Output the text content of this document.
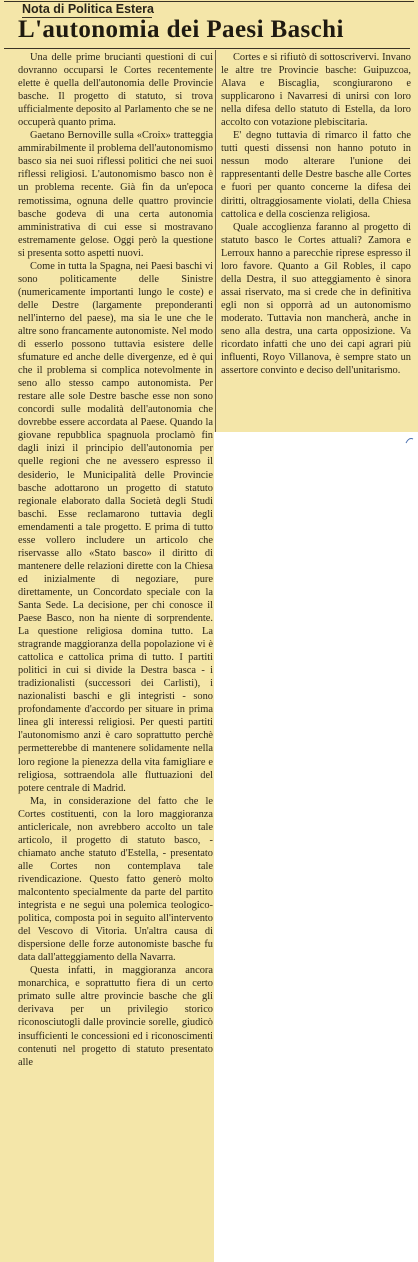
Nota di Politica Estera
L'autonomia dei Paesi Baschi

Una delle prime brucianti questioni di cui dovranno occuparsi le Cortes recentemente elette è quella dell'autonomia delle Provincie basche. Il progetto di statuto, si trova ufficialmente deposito al Parlamento che se ne occuperà quanto prima.

Gaetano Bernoville sulla «Croix» tratteggia ammirabilmente il problema dell'autonomismo basco sia nei suoi riflessi politici che nei suoi riflessi religiosi. L'autonomismo basco non è un problema recente. Già fin da un'epoca remotissima, ognuna delle quattro provincie basche godeva di una certa autonomia amministrativa di cui esse si mostravano estremamente gelose. Oggi però la questione si presenta sotto aspetti nuovi.

Come in tutta la Spagna, nei Paesi baschi vi sono politicamente delle Sinistre (numericamente importanti lungo le coste) e delle Destre (largamente preponderanti nell'interno del paese), ma sia le une che le altre sono francamente autonomiste. Nel modo di esserlo possono tuttavia esistere delle sfumature ed anche delle divergenze, ed è qui che il problema si complica notevolmente in seno allo stesso campo autonomista. Per restare alle sole Destre basche esse non sono concordi sulle modalità dell'autonomia che dovrebbe essere accordata al Paese. Quando la giovane repubblica spagnuola proclamò fin dagli inizi il principio dell'autonomia per quelle regioni che ne avessero espresso il desiderio, le Municipalità delle Provincie basche adottarono un progetto di statuto regionale elaborato dalla Società degli Studi baschi. Esse reclamarono tuttavia degli emendamenti a tale progetto. E prima di tutto esse vollero includere un articolo che riservasse allo «Stato basco» il diritto di mantenere delle relazioni dirette con la Chiesa ed inizialmente di negoziare, pure direttamente, un Concordato speciale con la Santa Sede. La decisione, per chi conosce il Paese Basco, non ha niente di sorprendente. La questione religiosa domina tutto. La stragrande maggioranza della popolazione vi è cattolica e cattolica prima di tutto. I partiti politici in cui si divide la Destra basca - i tradizionalisti (successori dei Carlisti), i nazionalisti baschi e gli integristi - sono profondamente d'accordo per situare in prima linea gli interessi religiosi. Per questi partiti l'autonomismo anzi è caro soprattutto perchè permetterebbe di mantenere solidamente nella loro regione la pienezza della vita famigliare e religiosa, sottraendola alle fluttuazioni del potere centrale di Madrid.

Ma, in considerazione del fatto che le Cortes costituenti, con la loro maggioranza anticlericale, non avrebbero accolto un tale articolo, il progetto di statuto basco, - chiamato anche statuto d'Estella, - presentato alle Cortes non contemplava tale rivendicazione. Questo fatto generò molto malcontento specialmente da parte del partito integrista e ne seguì una polemica teologico-politica, composta poi in seguito all'intervento del Vescovo di Vitoria. Un'altra causa di dispersione delle forze autonomiste basche fu data dall'atteggiamento della Navarra.

Questa infatti, in maggioranza ancora monarchica, e soprattutto fiera di un certo primato sulle altre provincie basche che gli derivava per un privilegio storico riconosciutogli dalle provincie sorelle, giudicò insufficienti le concessioni ed i riconoscimenti contenuti nel progetto di statuto presentato alle

Cortes e si rifiutò di sottoscrivervi. Invano le altre tre Provincie basche: Guipuzcoa, Alava e Biscaglia, scongiurarono e supplicarono i Navarresi di unirsi con loro nella difesa dello statuto di Estella, da loro accolto con votazione plebiscitaria.

E' degno tuttavia di rimarco il fatto che tutti questi dissensi non hanno potuto in nessun modo alterare l'unione dei rappresentanti delle Destre basche alle Cortes e fuori per quanto concerne la difesa dei diritti, oltraggiosamente violati, della Chiesa cattolica e della coscienza religiosa.

Quale accoglienza faranno al progetto di statuto basco le Cortes attuali? Zamora e Lerroux hanno a parecchie riprese espresso il loro favore. Quanto a Gil Robles, il capo della Destra, il suo atteggiamento è sinora assai riservato, ma si crede che in definitiva egli non si opporrà ad un autonomismo moderato. Tuttavia non mancherà, anche in seno alla destra, una carta opposizione. Va ricordato infatti che uno dei capi agrari più influenti, Royo Villanova, è sempre stato un assertore convinto e deciso dell'unitarismo.
